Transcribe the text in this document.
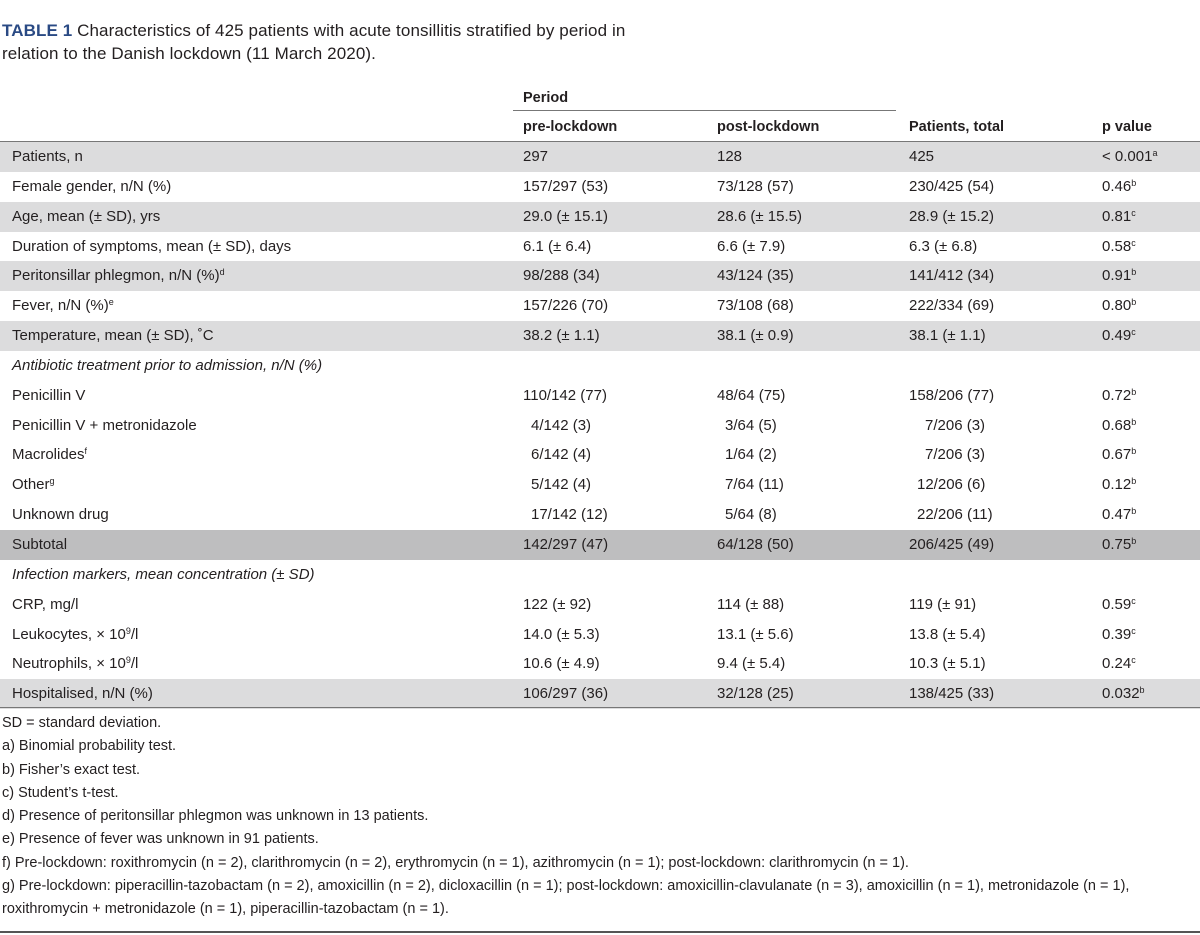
TABLE 1 Characteristics of 425 patients with acute tonsillitis stratified by period in relation to the Danish lockdown (11 March 2020).
Period
pre-lockdown	post-lockdown	Patients, total	p value
Patients, n	297	128	425	< 0.001$^a$
Female gender, n/N (%)	157/297 (53)	73/128 (57)	230/425 (54)	0.46$^b$
Age, mean (± SD), yrs	29.0 (± 15.1)	28.6 (± 15.5)	28.9 (± 15.2)	0.81$^c$
Duration of symptoms, mean (± SD), days	6.1 (± 6.4)	6.6 (± 7.9)	6.3 (± 6.8)	0.58$^c$
Peritonsillar phlegmon, n/N (%)$^d$	98/288 (34)	43/124 (35)	141/412 (34)	0.91$^b$
Fever, n/N (%)$^e$	157/226 (70)	73/108 (68)	222/334 (69)	0.80$^b$
Temperature, mean (± SD), ˚C	38.2 (± 1.1)	38.1 (± 0.9)	38.1 (± 1.1)	0.49$^c$
Antibiotic treatment prior to admission, n/N (%)
Penicillin V	110/142 (77)	48/64 (75)	158/206 (77)	0.72$^b$
Penicillin V + metronidazole	4/142 (3)	3/64 (5)	7/206 (3)	0.68$^b$
Macrolides$^f$	6/142 (4)	1/64 (2)	7/206 (3)	0.67$^b$
Other$^g$	5/142 (4)	7/64 (11)	12/206 (6)	0.12$^b$
Unknown drug	17/142 (12)	5/64 (8)	22/206 (11)	0.47$^b$
Subtotal	142/297 (47)	64/128 (50)	206/425 (49)	0.75$^b$
Infection markers, mean concentration (± SD)
CRP, mg/l	122 (± 92)	114 (± 88)	119 (± 91)	0.59$^c$
Leukocytes, × $10^9/l$	14.0 (± 5.3)	13.1 (± 5.6)	13.8 (± 5.4)	0.39$^c$
Neutrophils, × $10^9/l$	10.6 (± 4.9)	9.4 (± 5.4)	10.3 (± 5.1)	0.24$^c$
Hospitalised, n/N (%)	106/297 (36)	32/128 (25)	138/425 (33)	0.032$^b$
SD = standard deviation.
a) Binomial probability test.
b) Fisher’s exact test.
c) Student’s t-test.
d) Presence of peritonsillar phlegmon was unknown in 13 patients.
e) Presence of fever was unknown in 91 patients.
f) Pre-lockdown: roxithromycin (n = 2), clarithromycin (n = 2), erythromycin (n = 1), azithromycin (n = 1); post-lockdown: clarithromycin (n = 1).
g) Pre-lockdown: piperacillin-tazobactam (n = 2), amoxicillin (n = 2), dicloxacillin (n = 1); post-lockdown: amoxicillin-clavulanate (n = 3), amoxicillin (n = 1), metronidazole (n = 1), roxithromycin + metronidazole (n = 1), piperacillin-tazobactam (n = 1).
